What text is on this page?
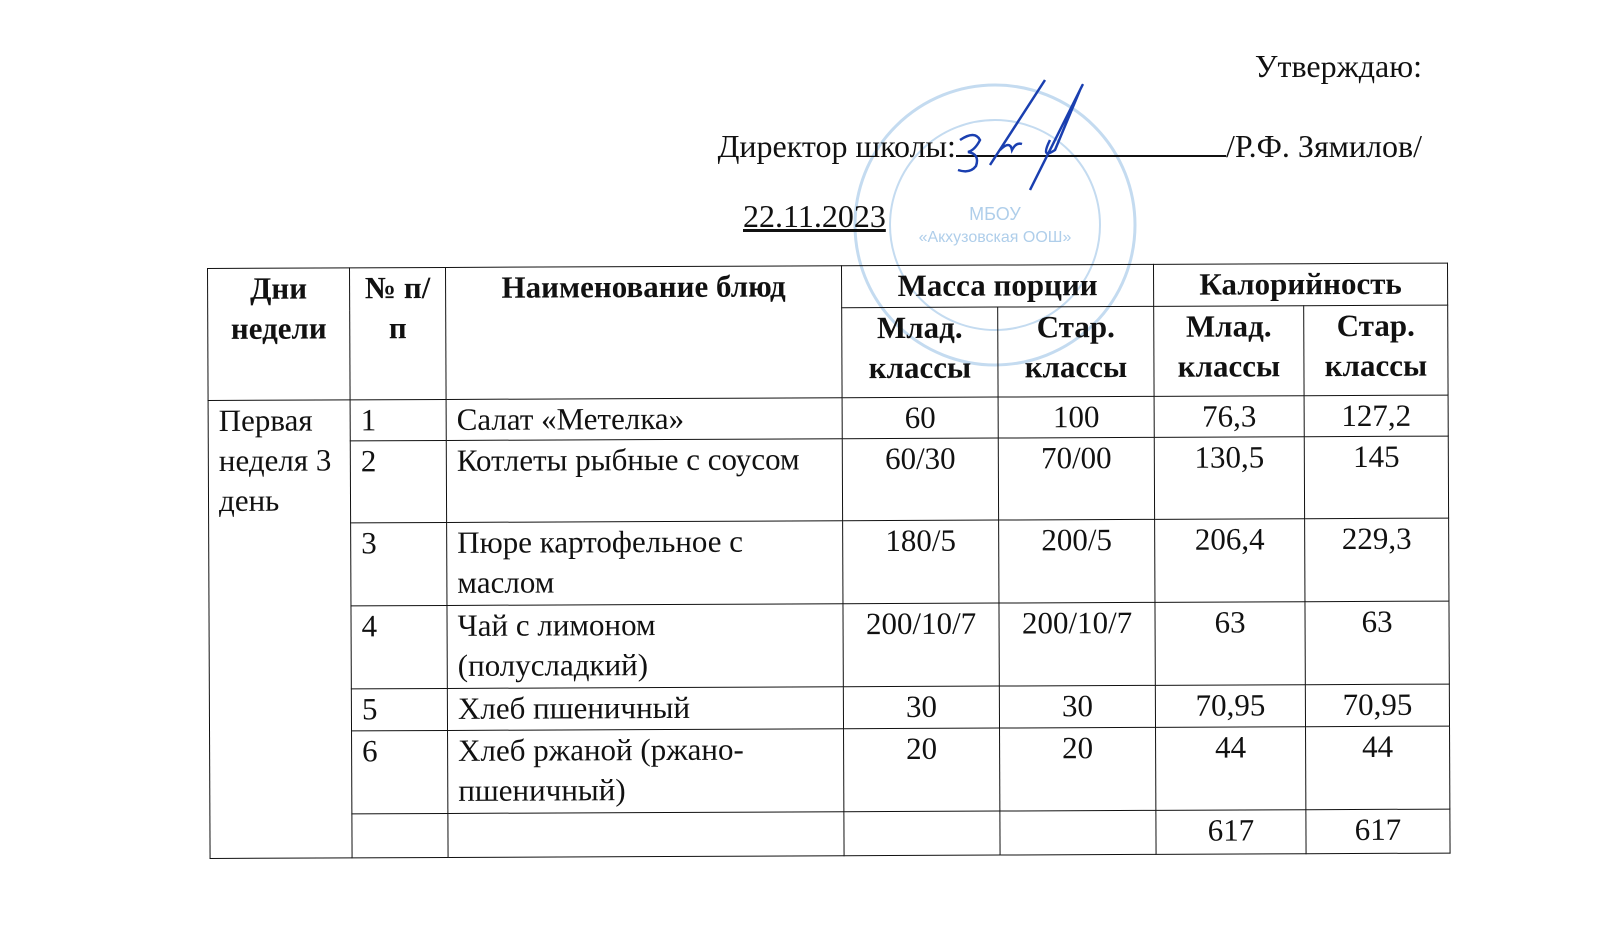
МБОУ
«Акхузовская ООШ»
Утверждаю:
Директор школы:	/Р.Ф. Зямилов/
22.11.2023
Дни недели	№ п/п	Наименование блюд	Масса порции		Калорийность	
			Млад. классы	Стар. классы	Млад. классы	Стар. классы
Первая неделя 3 день	1	Салат «Метелка»	60	100	76,3	127,2
	2	Котлеты рыбные с соусом	60/30	70/00	130,5	145
	3	Пюре картофельное с маслом	180/5	200/5	206,4	229,3
	4	Чай с лимоном (полусладкий)	200/10/7	200/10/7	63	63
	5	Хлеб пшеничный	30	30	70,95	70,95
	6	Хлеб ржаной (ржано-пшеничный)	20	20	44	44
					617	617
